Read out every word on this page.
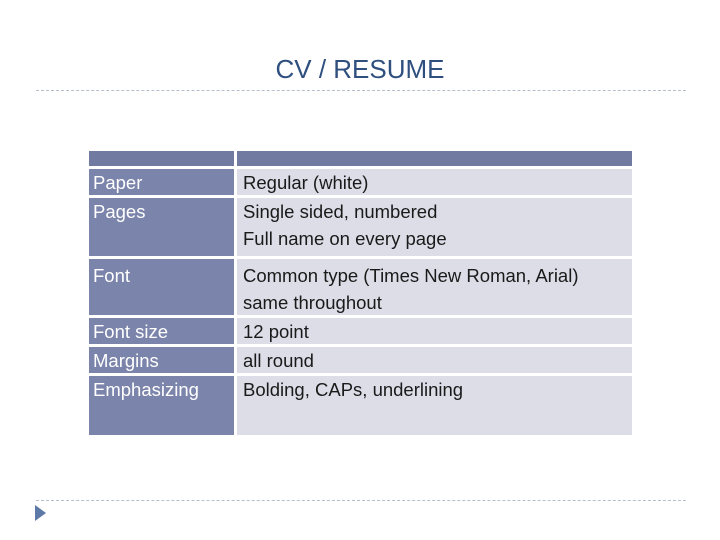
CV / RESUME
Paper	Regular (white)
Pages	Single sided, numbered
Full name on every page
Font	Common type (Times New Roman, Arial)
same throughout
Font size	12 point
Margins	all round
Emphasizing	Bolding, CAPs, underlining
